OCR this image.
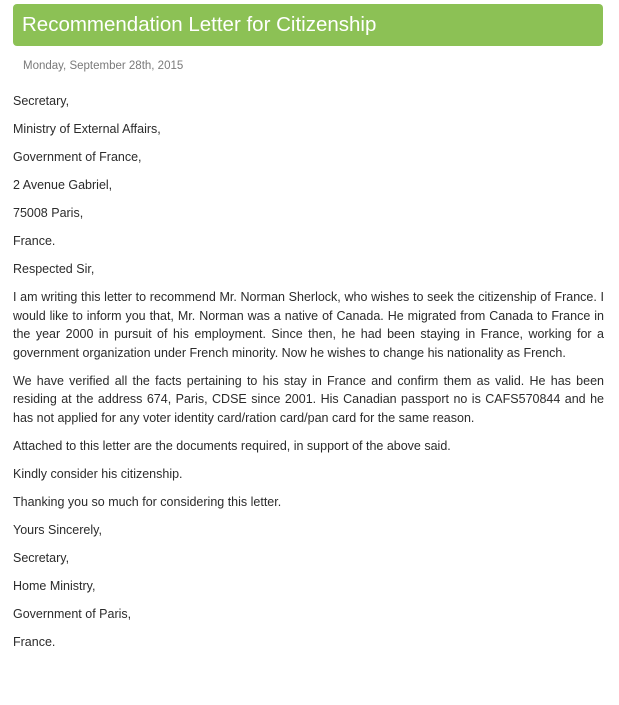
Recommendation Letter for Citizenship
Monday, September 28th, 2015

Secretary,

Ministry of External Affairs,

Government of France,

2 Avenue Gabriel,

75008 Paris,

France.

Respected Sir,

I am writing this letter to recommend Mr. Norman Sherlock, who wishes to seek the citizenship of France. I would like to inform you that, Mr. Norman was a native of Canada. He migrated from Canada to France in the year 2000 in pursuit of his employment. Since then, he had been staying in France, working for a government organization under French minority. Now he wishes to change his nationality as French.

We have verified all the facts pertaining to his stay in France and confirm them as valid. He has been residing at the address 674, Paris, CDSE since 2001. His Canadian passport no is CAFS570844 and he has not applied for any voter identity card/ration card/pan card for the same reason.

Attached to this letter are the documents required, in support of the above said.

Kindly consider his citizenship.

Thanking you so much for considering this letter.

Yours Sincerely,

Secretary,

Home Ministry,

Government of Paris,

France.
